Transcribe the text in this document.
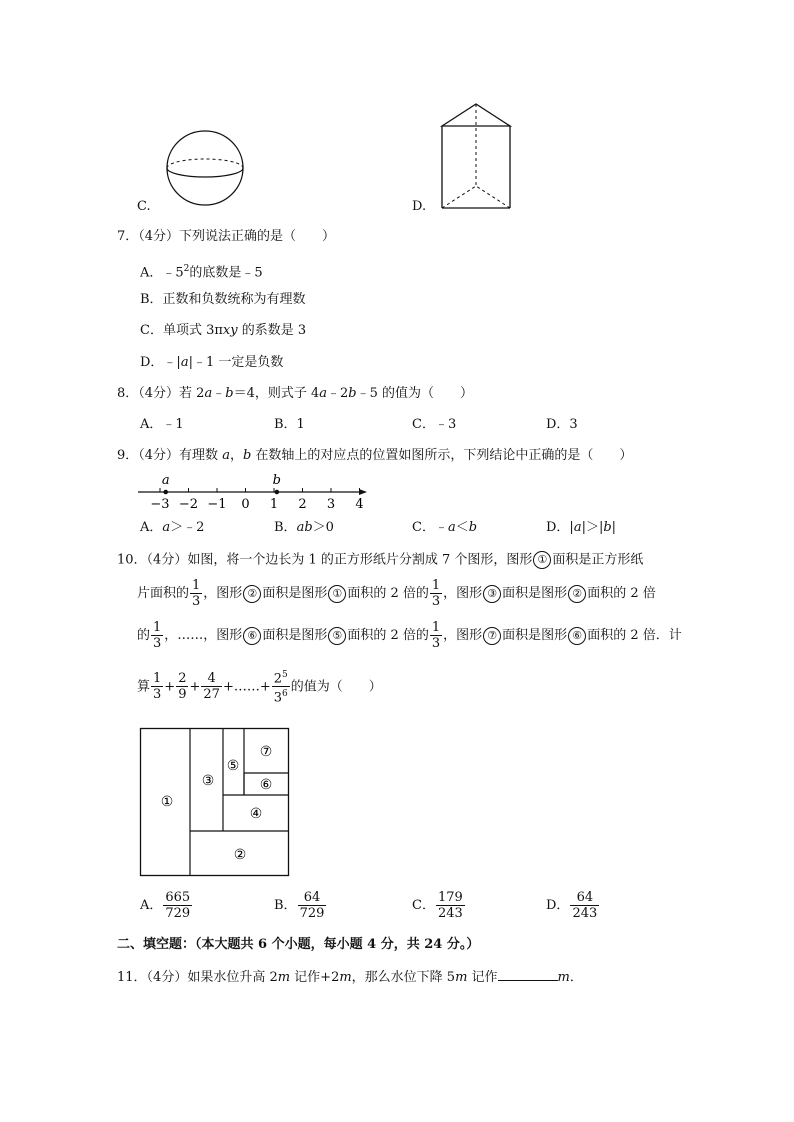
C.	D.
7．（4分）下列说法正确的是（　　）
A．$﹣5^2$的底数是﹣5
B．正数和负数统称为有理数
C．单项式 3πxy 的系数是 3
D．﹣|a|﹣1 一定是负数
8．（4分）若 2a﹣b＝4，则式子 4a﹣2b﹣5 的值为（　　）
A．﹣1	B．1	C．﹣3	D．3
9．（4分）有理数 a，b 在数轴上的对应点的位置如图所示，下列结论中正确的是（　　）
−3 −2 −1 0 1 2 3 4
a	b
A．a＞﹣2	B．ab＞0	C．﹣a＜b	D．|a|＞|b|
10．（4分）如图，将一个边长为 1 的正方形纸片分割成 7 个图形，图形 ① 面积是正方形纸
片面积的 $\frac{1}{3}$ ，图形 ② 面积是图形 ① 面积的 2 倍的 $\frac{1}{3}$ ，图形 ③ 面积是图形 ② 面积的 2 倍
的 $\frac{1}{3}$ ，……，图形 ⑥ 面积是图形 ⑤ 面积的 2 倍的 $\frac{1}{3}$ ，图形 ⑦ 面积是图形 ⑥ 面积的 2 倍．计
算 $\frac{1}{3} + \frac{2}{9} + \frac{4}{27}$ +……+ $\frac{2^5}{3^6}$ 的值为（　　）
①
②
③
④
⑤
⑥
⑦
A． $\frac{665}{729}$	B． $\frac{64}{729}$	C． $\frac{179}{243}$	D． $\frac{64}{243}$
二、填空题：（本大题共 6 个小题，每小题 4 分，共 24 分。）
11．（4分）如果水位升高 2m 记作+2m，那么水位下降 5m 记作	m．
